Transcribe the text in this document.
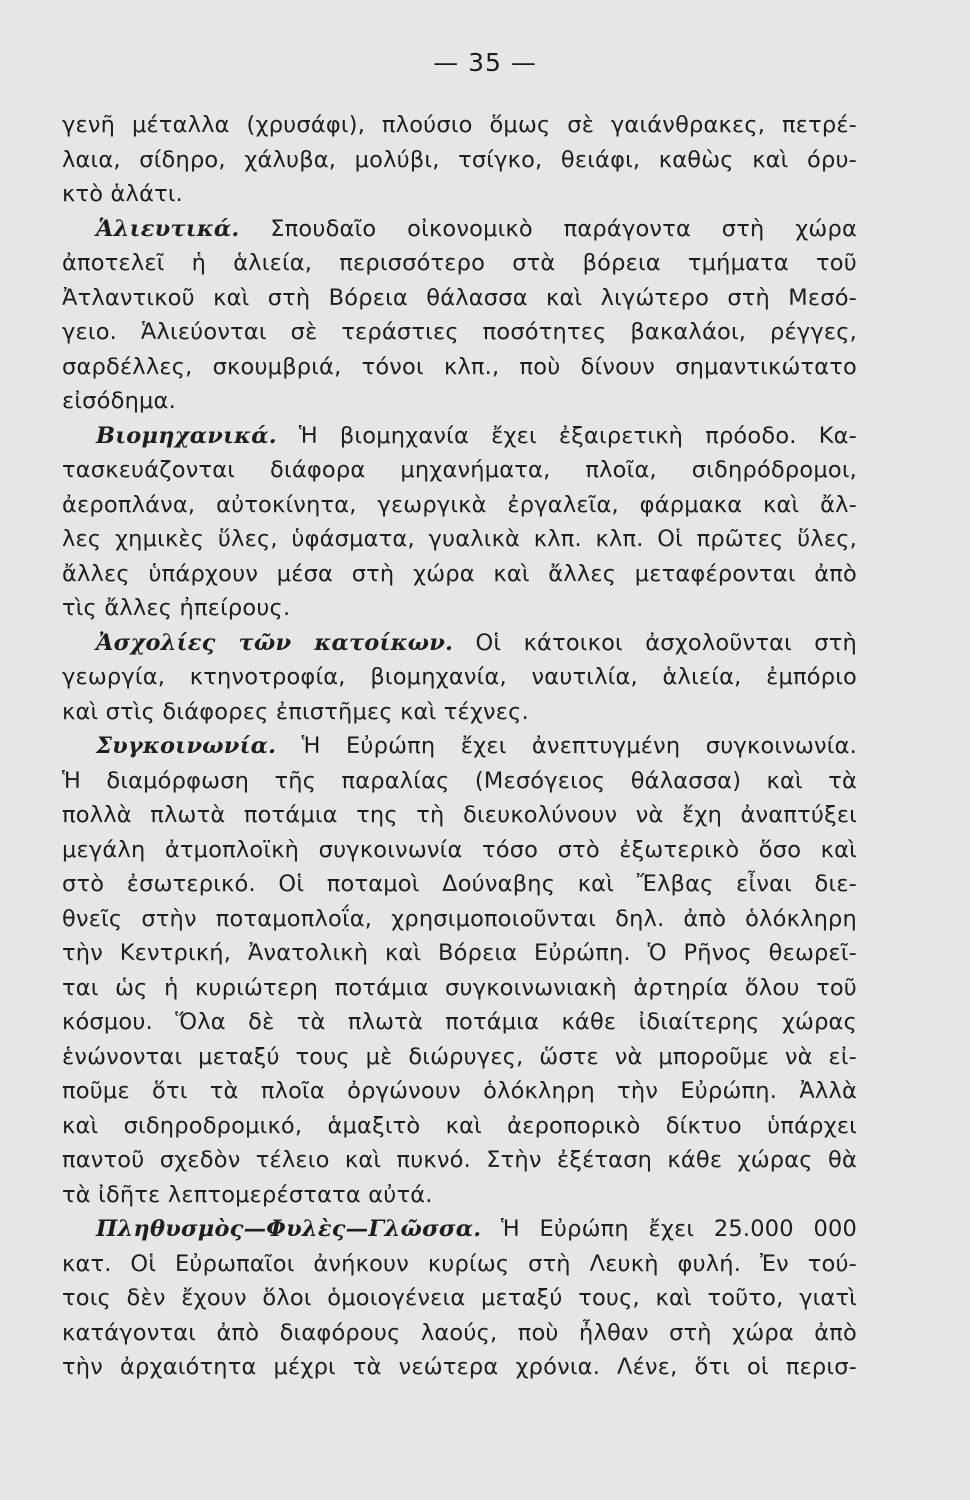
— 35 —
γενῆ μέταλλα (χρυσάφι), πλούσιο ὅμως σὲ γαιάνθρακες, πετρέ-
λαια, σίδηρο, χάλυβα, μολύβι, τσίγκο, θειάφι, καθὼς καὶ όρυ-
κτὸ ἁλάτι.
Ἁλιευτικά. Σπουδαῖο οἰκονομικὸ παράγοντα στὴ χώρα
ἀποτελεῖ ἡ ἁλιεία, περισσότερο στὰ βόρεια τμήματα τοῦ
Ἀτλαντικοῦ καὶ στὴ Βόρεια θάλασσα καὶ λιγώτερο στὴ Μεσό-
γειο. Ἁλιεύονται σὲ τεράστιες ποσότητες βακαλάοι, ρέγγες,
σαρδέλλες, σκουμβριά, τόνοι κλπ., ποὺ δίνουν σημαντικώτατο
εἰσόδημα.
Βιομηχανικά. Ἡ βιομηχανία ἔχει ἐξαιρετικὴ πρόοδο. Κα-
τασκευάζονται διάφορα μηχανήματα, πλοῖα, σιδηρόδρομοι,
ἀεροπλάνα, αὐτοκίνητα, γεωργικὰ ἐργαλεῖα, φάρμακα καὶ ἄλ-
λες χημικὲς ὕλες, ὑφάσματα, γυαλικὰ κλπ. κλπ. Οἱ πρῶτες ὕλες,
ἄλλες ὑπάρχουν μέσα στὴ χώρα καὶ ἄλλες μεταφέρονται ἀπὸ
τὶς ἄλλες ἠπείρους.
Ἀσχολίες τῶν κατοίκων. Οἱ κάτοικοι ἀσχολοῦνται στὴ
γεωργία, κτηνοτροφία, βιομηχανία, ναυτιλία, ἁλιεία, ἐμπόριο
καὶ στὶς διάφορες ἐπιστῆμες καὶ τέχνες.
Συγκοινωνία. Ἡ Εὐρώπη ἔχει ἀνεπτυγμένη συγκοινωνία.
Ἡ διαμόρφωση τῆς παραλίας (Μεσόγειος θάλασσα) καὶ τὰ
πολλὰ πλωτὰ ποτάμια της τὴ διευκολύνουν νὰ ἔχη ἀναπτύξει
μεγάλη ἀτμοπλοϊκὴ συγκοινωνία τόσο στὸ ἐξωτερικὸ ὅσο καὶ
στὸ ἐσωτερικό. Οἱ ποταμοὶ Δούναβης καὶ Ἔλβας εἶναι διε-
θνεῖς στὴν ποταμοπλοΐα, χρησιμοποιοῦνται δηλ. ἀπὸ ὁλόκληρη
τὴν Κεντρική, Ἀνατολικὴ καὶ Βόρεια Εὐρώπη. Ὁ Ρῆνος θεωρεῖ-
ται ὡς ἡ κυριώτερη ποτάμια συγκοινωνιακὴ ἀρτηρία ὅλου τοῦ
κόσμου. Ὅλα δὲ τὰ πλωτὰ ποτάμια κάθε ἰδιαίτερης χώρας
ἑνώνονται μεταξύ τους μὲ διώρυγες, ὥστε νὰ μποροῦμε νὰ εἰ-
ποῦμε ὅτι τὰ πλοῖα ὀργώνουν ὁλόκληρη τὴν Εὐρώπη. Ἀλλὰ
καὶ σιδηροδρομικό, ἁμαξιτὸ καὶ ἀεροπορικὸ δίκτυο ὑπάρχει
παντοῦ σχεδὸν τέλειο καὶ πυκνό. Στὴν ἐξέταση κάθε χώρας θὰ
τὰ ἰδῆτε λεπτομερέστατα αὐτά.
Πληθυσμὸς—Φυλὲς—Γλῶσσα. Ἡ Εὐρώπη ἔχει 25.000 000
κατ. Οἱ Εὐρωπαῖοι ἀνήκουν κυρίως στὴ Λευκὴ φυλή. Ἐν τού-
τοις δὲν ἔχουν ὅλοι ὁμοιογένεια μεταξύ τους, καὶ τοῦτο, γιατὶ
κατάγονται ἀπὸ διαφόρους λαούς, ποὺ ἦλθαν στὴ χώρα ἀπὸ
τὴν ἀρχαιότητα μέχρι τὰ νεώτερα χρόνια. Λένε, ὅτι οἱ περισ-
